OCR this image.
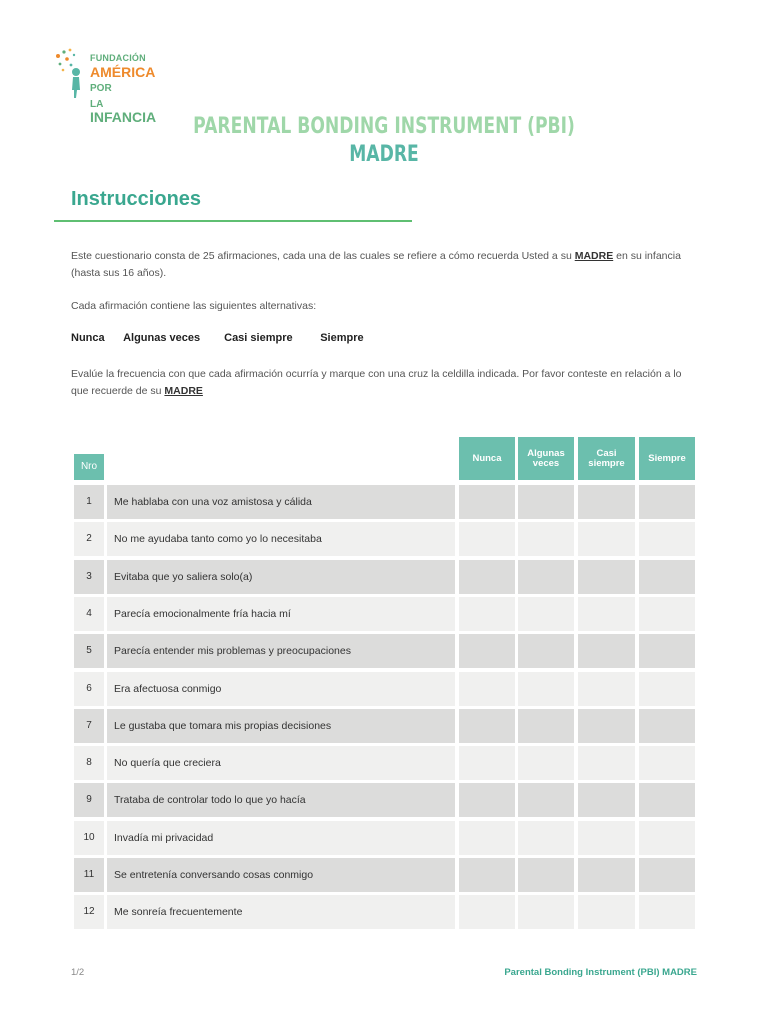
FUNDACIÓN
AMÉRICA POR
LA INFANCIA	PARENTAL BONDING INSTRUMENT (PBI)
MADRE
Instrucciones
Este cuestionario consta de 25 afirmaciones, cada una de las cuales se refiere a cómo recuerda Usted a su MADRE en su infancia (hasta sus 16 años).
Cada afirmación contiene las siguientes alternativas:
Nunca Algunas veces Casi siempre	Siempre
Evalúe la frecuencia con que cada afirmación ocurría y marque con una cruz la celdilla indicada. Por favor conteste en relación a lo que recuerde de su MADRE
Nro
Nunca	Algunas veces
Casi siempre	Siempre
1	Me hablaba con una voz amistosa y cálida
2	No me ayudaba tanto como yo lo necesitaba
3	Evitaba que yo saliera solo(a)
4	Parecía emocionalmente fría hacia mí
5	Parecía entender mis problemas y preocupaciones
6	Era afectuosa conmigo
7	Le gustaba que tomara mis propias decisiones
8	No quería que creciera
9	Trataba de controlar todo lo que yo hacía
10	Invadía mi privacidad
11	Se entretenía conversando cosas conmigo
12	Me sonreía frecuentemente
1/2	Parental Bonding Instrument (PBI) MADRE
